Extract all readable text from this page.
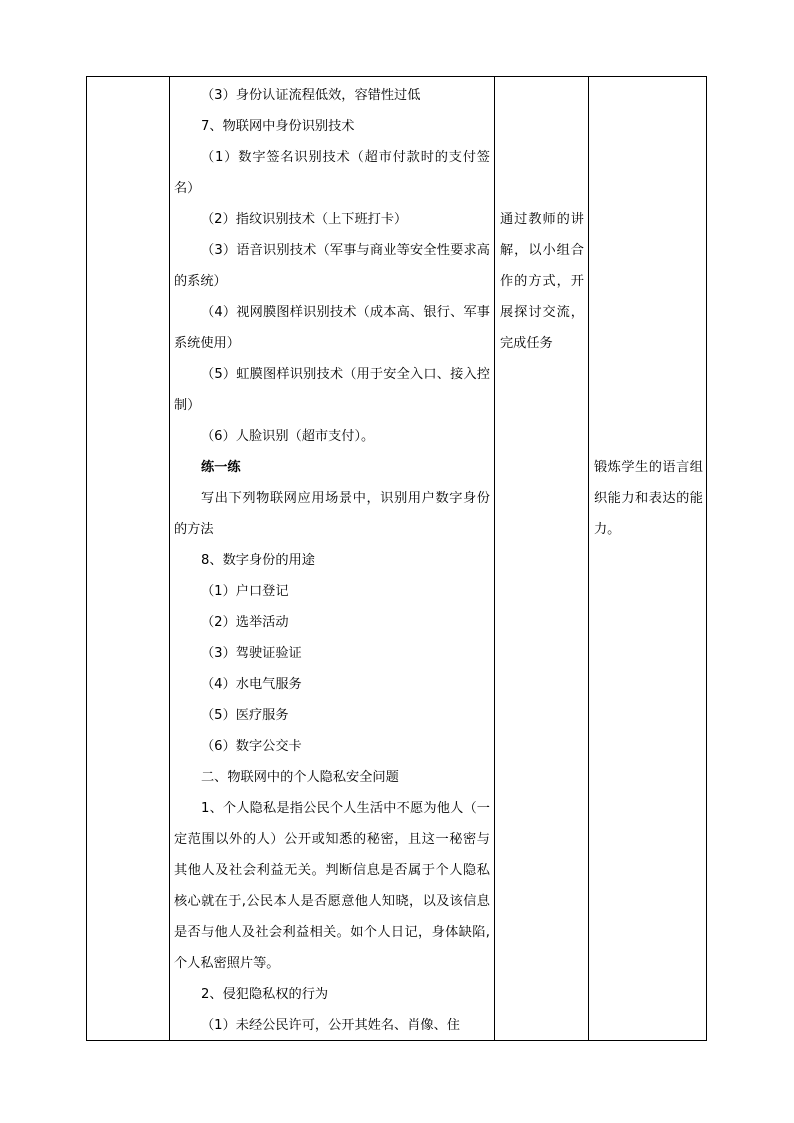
（3）身份认证流程低效，容错性过低

7、物联网中身份识别技术

（1）数字签名识别技术（超市付款时的支付签名）

（2）指纹识别技术（上下班打卡）

（3）语音识别技术（军事与商业等安全性要求高的系统）

（4）视网膜图样识别技术（成本高、银行、军事系统使用）

（5）虹膜图样识别技术（用于安全入口、接入控制）

（6）人脸识别（超市支付）。

练一练

写出下列物联网应用场景中，识别用户数字身份的方法

8、数字身份的用途

（1）户口登记

（2）选举活动

（3）驾驶证验证

（4）水电气服务

（5）医疗服务

（6）数字公交卡

二、物联网中的个人隐私安全问题

1、个人隐私是指公民个人生活中不愿为他人（一定范围以外的人）公开或知悉的秘密，且这一秘密与其他人及社会利益无关。判断信息是否属于个人隐私核心就在于,公民本人是否愿意他人知晓，以及该信息是否与他人及社会利益相关。如个人日记，身体缺陷,个人私密照片等。

2、侵犯隐私权的行为

（1）未经公民许可，公开其姓名、肖像、住

通过教师的讲解，以小组合作的方式，开展探讨交流，完成任务

锻炼学生的语言组织能力和表达的能力。
